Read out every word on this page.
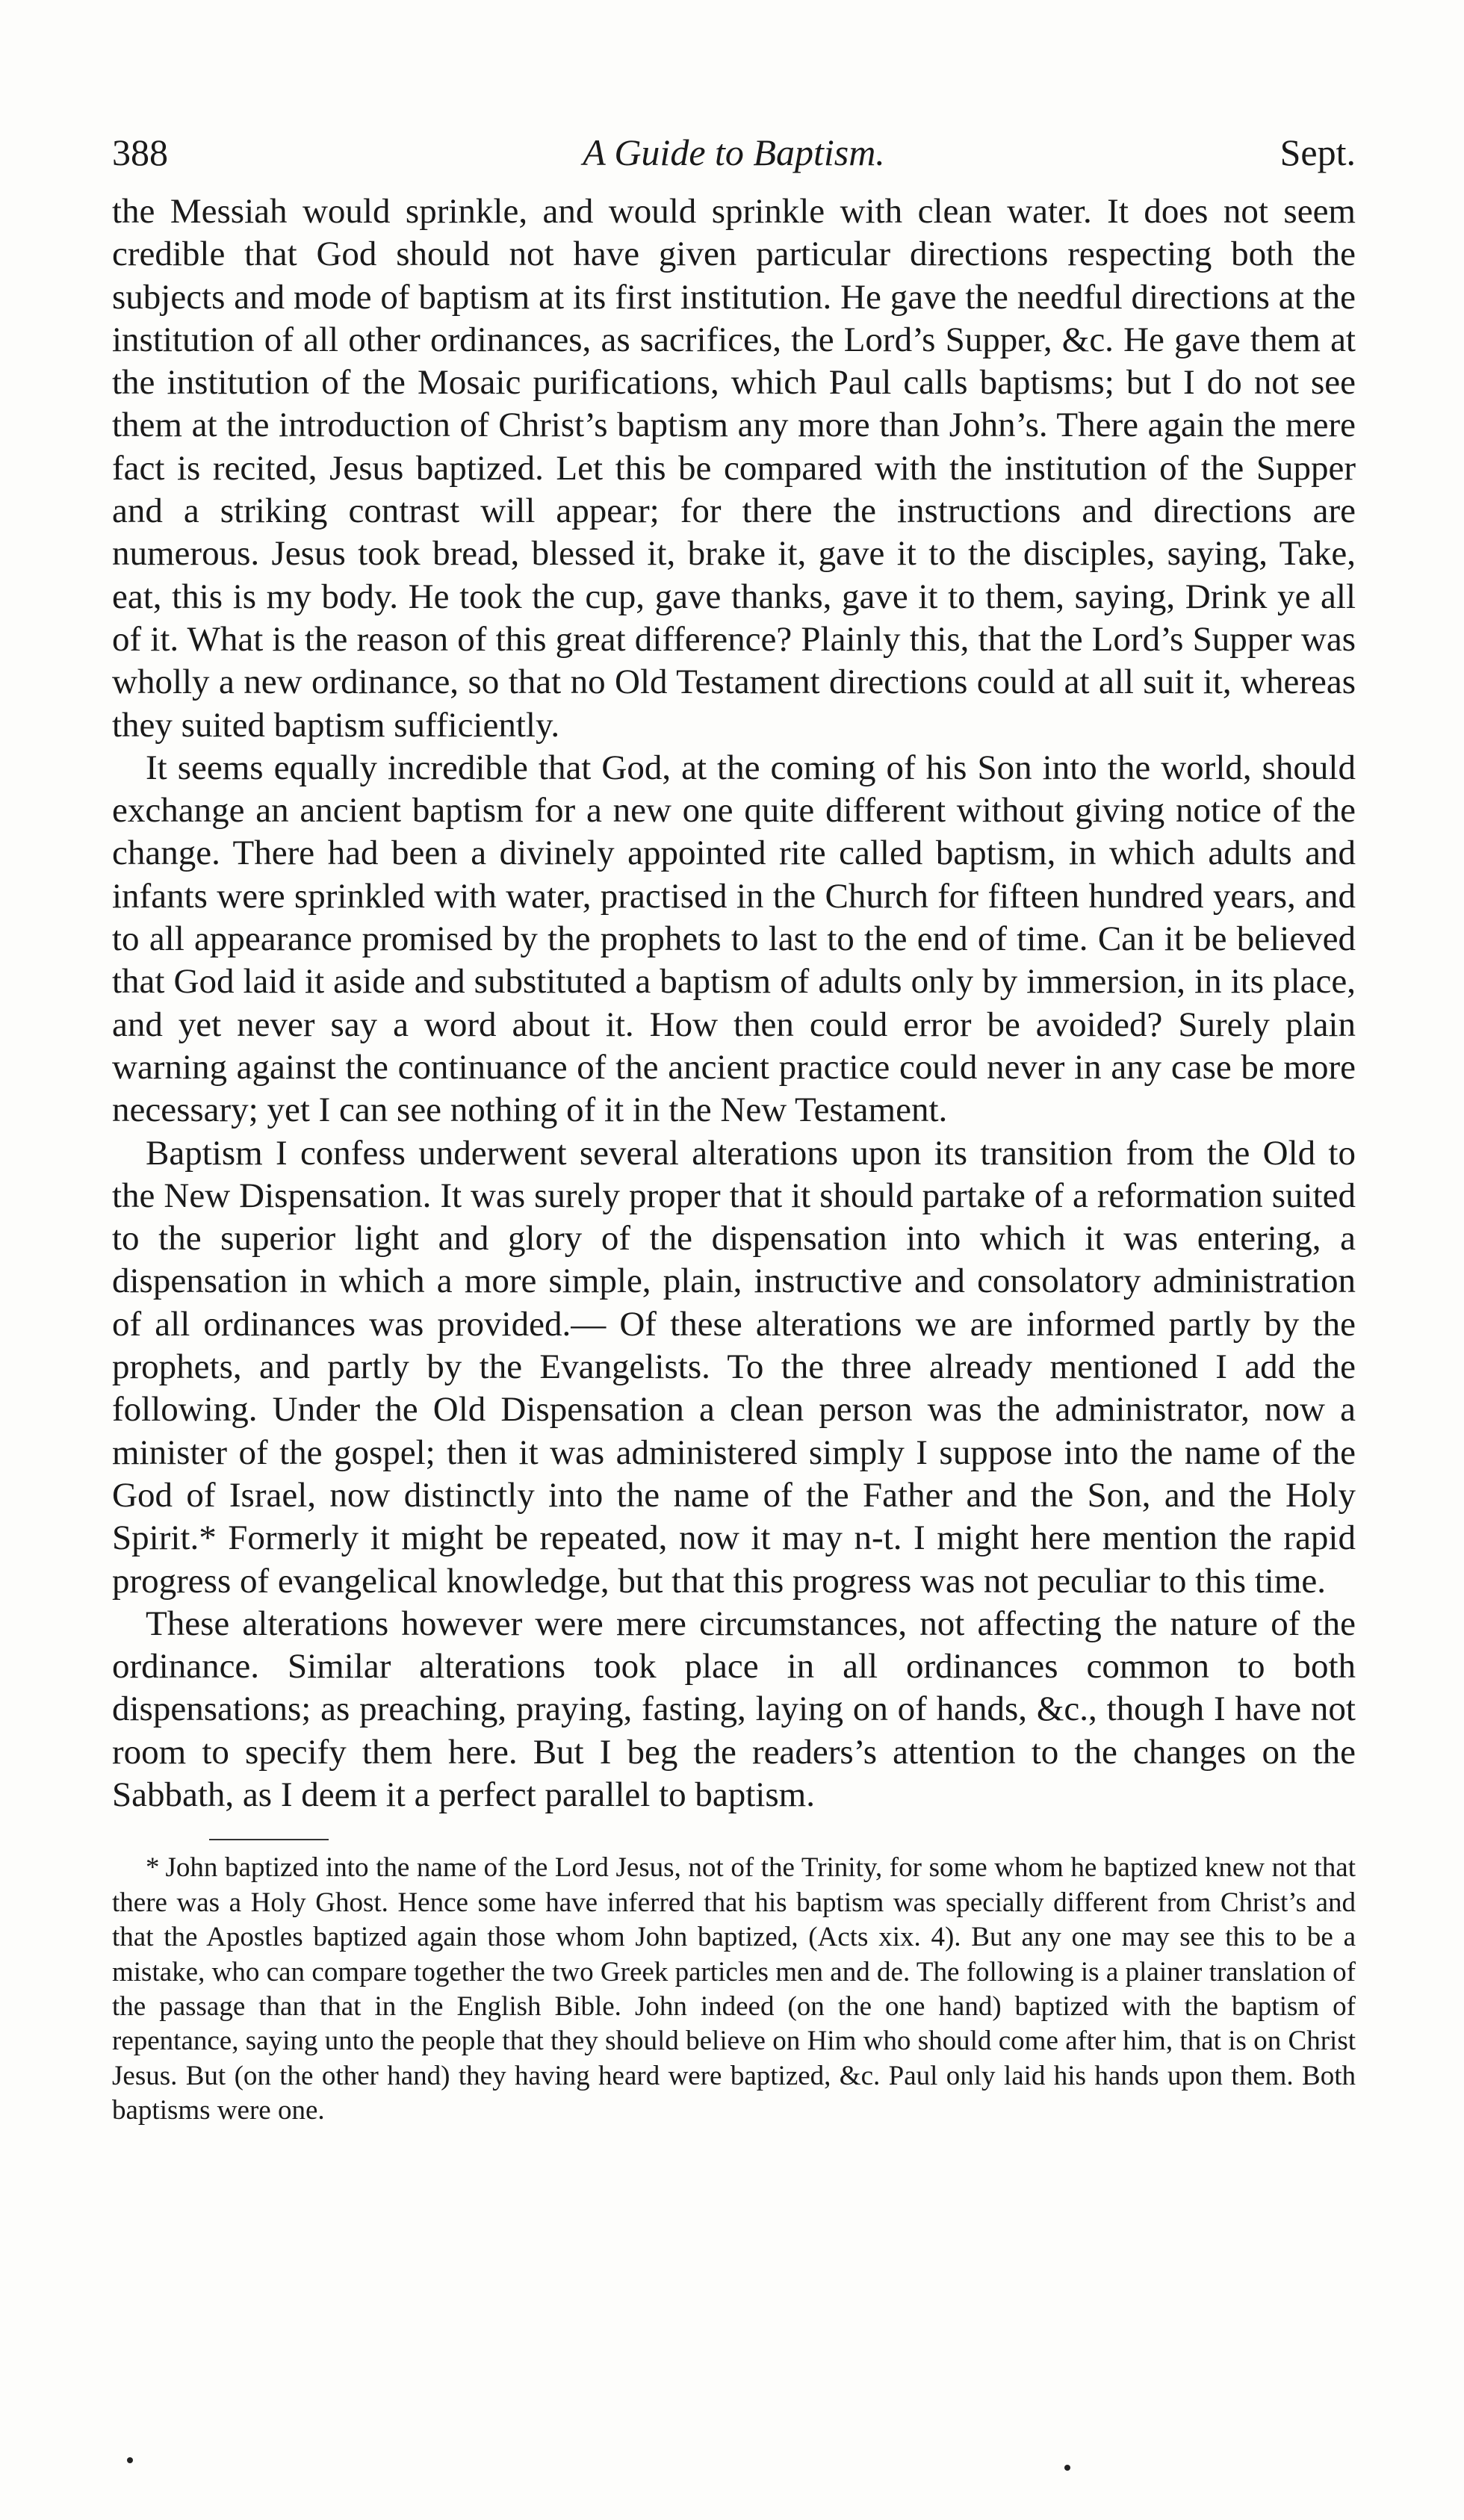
388	A Guide to Baptism.	Sept.

the Messiah would sprinkle, and would sprinkle with clean water. It does not seem credible that God should not have given particular directions respecting both the subjects and mode of baptism at its first institution. He gave the needful directions at the institution of all other ordinances, as sacrifices, the Lord’s Supper, &c. He gave them at the institution of the Mosaic purifications, which Paul calls baptisms; but I do not see them at the introduction of Christ’s baptism any more than John’s. There again the mere fact is recited, Jesus baptized. Let this be compared with the institution of the Supper and a striking contrast will appear; for there the instructions and directions are numerous. Jesus took bread, blessed it, brake it, gave it to the disciples, saying, Take, eat, this is my body. He took the cup, gave thanks, gave it to them, saying, Drink ye all of it. What is the reason of this great difference? Plainly this, that the Lord’s Supper was wholly a new ordinance, so that no Old Testament directions could at all suit it, whereas they suited baptism sufficiently.

It seems equally incredible that God, at the coming of his Son into the world, should exchange an ancient baptism for a new one quite different without giving notice of the change. There had been a divinely appointed rite called baptism, in which adults and infants were sprinkled with water, practised in the Church for fifteen hundred years, and to all appearance promised by the prophets to last to the end of time. Can it be believed that God laid it aside and substituted a baptism of adults only by immersion, in its place, and yet never say a word about it. How then could error be avoided? Surely plain warning against the continuance of the ancient practice could never in any case be more necessary; yet I can see nothing of it in the New Testament.

Baptism I confess underwent several alterations upon its transition from the Old to the New Dispensation. It was surely proper that it should partake of a reformation suited to the superior light and glory of the dispensation into which it was entering, a dispensation in which a more simple, plain, instructive and consolatory administration of all ordinances was provided.— Of these alterations we are informed partly by the prophets, and partly by the Evangelists. To the three already mentioned I add the following. Under the Old Dispensation a clean person was the administrator, now a minister of the gospel; then it was administered simply I suppose into the name of the God of Israel, now distinctly into the name of the Father and the Son, and the Holy Spirit.* Formerly it might be repeated, now it may n-t. I might here mention the rapid progress of evangelical knowledge, but that this progress was not peculiar to this time.

These alterations however were mere circumstances, not affecting the nature of the ordinance. Similar alterations took place in all ordinances common to both dispensations; as preaching, praying, fasting, laying on of hands, &c., though I have not room to specify them here. But I beg the readers’s attention to the changes on the Sabbath, as I deem it a perfect parallel to baptism.

* John baptized into the name of the Lord Jesus, not of the Trinity, for some whom he baptized knew not that there was a Holy Ghost. Hence some have inferred that his baptism was specially different from Christ’s and that the Apostles baptized again those whom John baptized, (Acts xix. 4). But any one may see this to be a mistake, who can compare together the two Greek particles men and de. The following is a plainer translation of the passage than that in the English Bible. John indeed (on the one hand) baptized with the baptism of repentance, saying unto the people that they should believe on Him who should come after him, that is on Christ Jesus. But (on the other hand) they having heard were baptized, &c. Paul only laid his hands upon them. Both baptisms were one.
